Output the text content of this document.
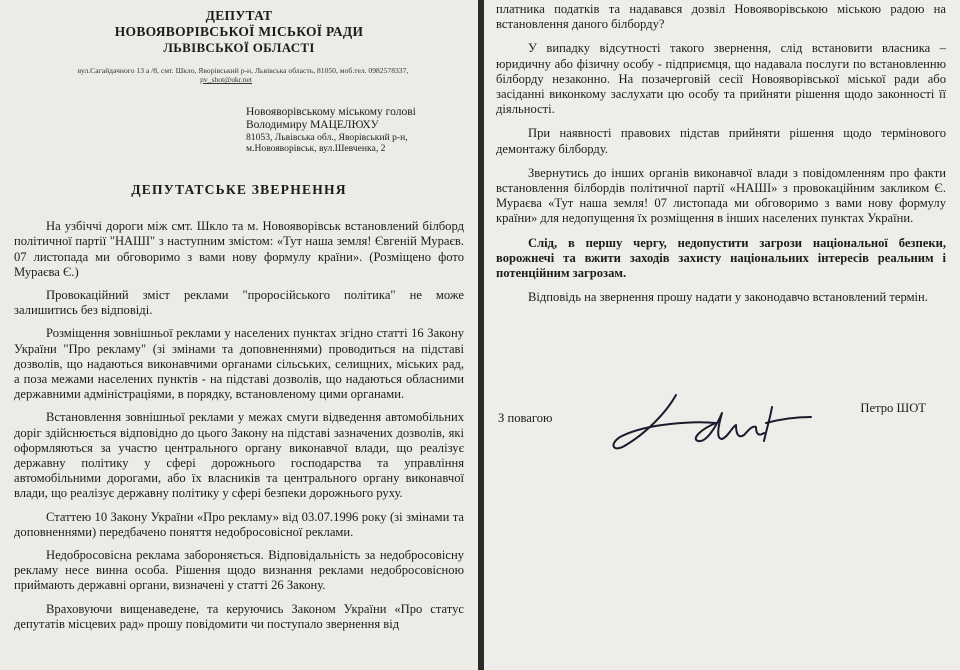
ДЕПУТАТ
НОВОЯВОРІВСЬКОЇ МІСЬКОЇ РАДИ
ЛЬВІВСЬКОЇ ОБЛАСТІ
вул.Сагайдачного 13 а /8, смт. Шкло, Яворівський р-н, Львівська область, 81050, моб.тел. 0982578337,
pv_shot@ukr.net
Новояворівському міському голові
Володимиру МАЦЕЛЮХУ
81053, Львівська обл., Яворівський р-н,
м.Новояворівськ, вул.Шевченка, 2
ДЕПУТАТСЬКЕ ЗВЕРНЕННЯ

На узбіччі дороги між смт. Шкло та м. Новояворівськ встановлений білборд політичної партії "НАШІ" з наступним змістом: «Тут наша земля! Євгеній Мураєв. 07 листопада ми обговоримо з вами нову формулу країни». (Розміщено фото Мураєва Є.)

Провокаційний зміст реклами "проросійського політика" не може залишитись без відповіді.

Розміщення зовнішньої реклами у населених пунктах згідно статті 16 Закону України "Про рекламу" (зі змінами та доповненнями) проводиться на підставі дозволів, що надаються виконавчими органами сільських, селищних, міських рад, а поза межами населених пунктів - на підставі дозволів, що надаються обласними державними адміністраціями, в порядку, встановленому цими органами.

Встановлення зовнішньої реклами у межах смуги відведення автомобільних доріг здійснюється відповідно до цього Закону на підставі зазначених дозволів, які оформляються за участю центрального органу виконавчої влади, що реалізує державну політику у сфері дорожнього господарства та управління автомобільними дорогами, або їх власників та центрального органу виконавчої влади, що реалізує державну політику у сфері безпеки дорожнього руху.

Статтею 10 Закону України «Про рекламу» від 03.07.1996 року (зі змінами та доповненнями) передбачено поняття недобросовісної реклами.

Недобросовісна реклама забороняється. Відповідальність за недобросовісну рекламу несе винна особа. Рішення щодо визнання реклами недобросовісною приймають державні органи, визначені у статті 26 Закону.

Враховуючи вищенаведене, та керуючись Законом України «Про статус депутатів місцевих рад» прошу повідомити чи поступало звернення від

платника податків та надавався дозвіл Новояворівською міською радою на встановлення даного білборду?

У випадку відсутності такого звернення, слід встановити власника – юридичну або фізичну особу - підприємця, що надавала послуги по встановленню білборду незаконно. На позачерговій сесії Новояворівської міської ради або засіданні виконкому заслухати цю особу та прийняти рішення щодо законності її діяльності.

При наявності правових підстав прийняти рішення щодо термінового демонтажу білборду.

Звернутись до інших органів виконавчої влади з повідомленням про факти встановлення білбордів політичної партії «НАШІ» з провокаційним закликом Є. Мураєва «Тут наша земля! 07 листопада ми обговоримо з вами нову формулу країни» для недопущення їх розміщення в інших населених пунктах України.

Слід, в першу чергу, недопустити загрози національної безпеки, ворожнечі та вжити заходів захисту національних інтересів реальним і потенційним загрозам.

Відповідь на звернення прошу надати у законодавчо встановлений термін.

З повагою
Петро ШОТ
